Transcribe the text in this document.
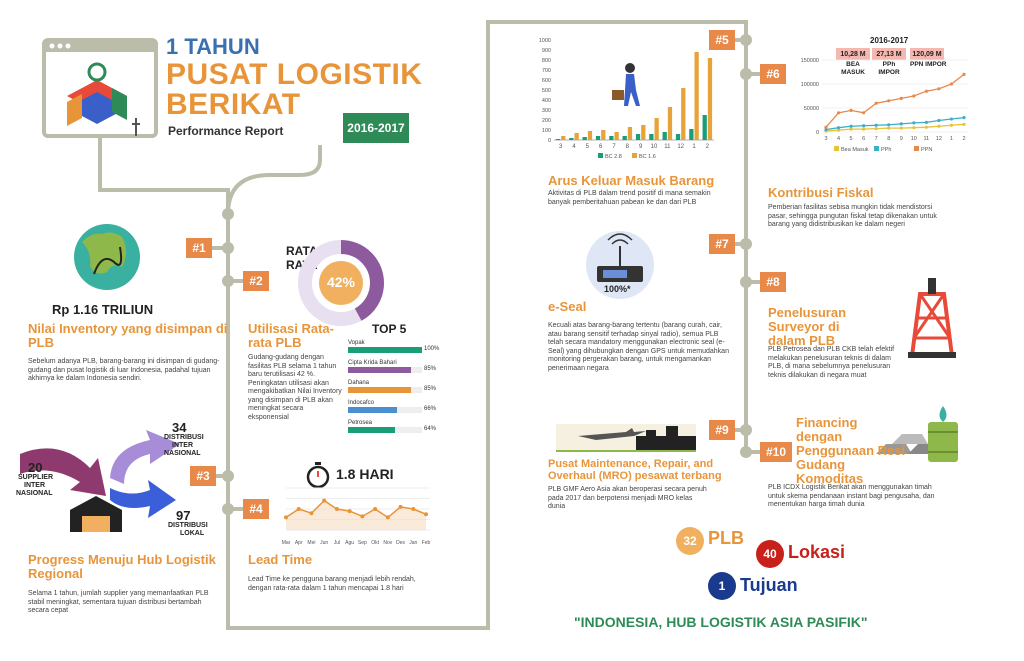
1 TAHUN
PUSAT LOGISTIK
BERIKAT
Performance Report	2016-2017
#1
#2
#3
#4
#5
#6
#7
#8
#9
#10
Rp 1.16 TRILIUN
Nilai Inventory yang disimpan di PLB
Sebelum adanya PLB, barang-barang ini disimpan di gudang-gudang dan pusat logistik di luar Indonesia, padahal tujuan akhirnya ke dalam Indonesia sendiri.
RATA-
RATA
42%
Utilisasi Rata-rata PLB
Gudang-gudang dengan fasilitas PLB selama 1 tahun baru terutilisasi 42 %. Peningkatan utilisasi akan mengakibatkan Nilai Inventory yang disimpan di PLB akan meningkat secara eksponensial
TOP 5
Vopak
100%
Cipta Krida Bahari
85%
Dahana
85%
Indocafco
66%
Petrosea
64%
20
SUPPLIER
INTER
NASIONAL
34
DISTRIBUSI
INTER
NASIONAL
97
DISTRIBUSI
LOKAL
Progress Menuju Hub Logistik Regional
Selama 1 tahun, jumlah supplier yang memanfaatkan PLB stabil meningkat, sementara tujuan distribusi bertambah secara cepat
1.8 HARI
Mar Apr Mei Jun Jul Agu Sep Okt Nov Des Jan Feb
Lead Time
Lead Time ke pengguna barang menjadi lebih rendah, dengan rata-rata dalam 1 tahun mencapai 1.8 hari
0
100
200
300
400
500
600
700
800
900
1000
3 4 5 6 7 8 9 10 11 12 1 2
BC 2.8	BC 1.6
Arus Keluar Masuk Barang
Aktivitas di PLB dalam trend positif di mana semakin banyak pemberitahuan pabean ke dan dari PLB
2016-2017
10,28 M
BEA
MASUK
27,13 M
PPh
IMPOR
120,09 M
PPN IMPOR
0
50000
100000
150000
3 4 5 6 7 8 9 10 11 12 1 2
Bea Masuk PPh	PPN
Kontribusi Fiskal
Pemberian fasilitas sebisa mungkin tidak mendistorsi pasar, sehingga pungutan fiskal tetap dikenakan untuk barang yang didistribusikan ke dalam negeri
100%*
e-Seal
Kecuali atas barang-barang tertentu (barang curah, cair, atau barang sensitif terhadap sinyal radio), semua PLB telah secara mandatory menggunakan electronic seal (e-Seal) yang dihubungkan dengan GPS untuk memudahkan monitoring pergerakan barang, untuk mengamankan penerimaan negara
Penelusuran Surveyor di dalam PLB
PLB Petrosea dan PLB CKB telah efektif melakukan penelusuran teknis di dalam PLB, di mana sebelumnya penelusuran teknis dilakukan di negara muat
Pusat Maintenance, Repair, and Overhaul (MRO) pesawat terbang
PLB GMF Aero Asia akan beroperasi secara penuh pada 2017 dan berpotensi menjadi MRO kelas dunia
Financing dengan Penggunaan Resi Gudang Komoditas
PLB ICDX Logistik Berikat akan menggunakan timah untuk skema pendanaan instant bagi pengusaha, dan menentukan harga timah dunia
32 PLB
40 Lokasi
1 Tujuan
"INDONESIA, HUB LOGISTIK ASIA PASIFIK"
